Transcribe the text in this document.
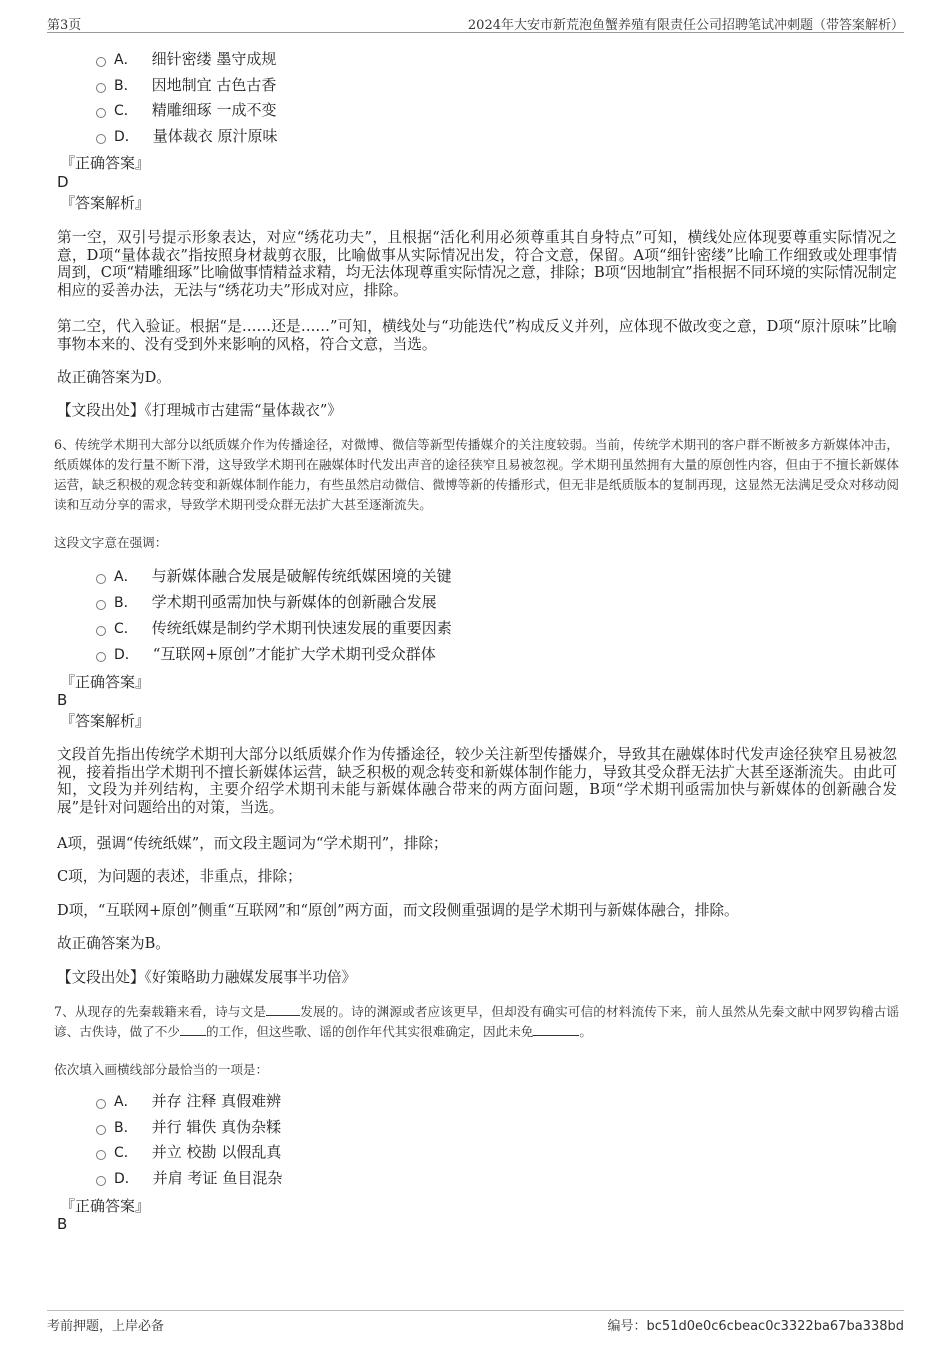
第3页	2024年大安市新荒泡鱼蟹养殖有限责任公司招聘笔试冲刺题（带答案解析）
A． 细针密缕 墨守成规
B． 因地制宜 古色古香
C． 精雕细琢 一成不变
D． 量体裁衣 原汁原味
『正确答案』
D
『答案解析』
第一空，双引号提示形象表达，对应“绣花功夫”，且根据“活化利用必须尊重其自身特点”可知，横线处应体现要尊重实际情况之意，D项“量体裁衣”指按照身材裁剪衣服，比喻做事从实际情况出发，符合文意，保留。A项“细针密缕”比喻工作细致或处理事情周到，C项“精雕细琢”比喻做事情精益求精，均无法体现尊重实际情况之意，排除；B项“因地制宜”指根据不同环境的实际情况制定相应的妥善办法，无法与“绣花功夫”形成对应，排除。
第二空，代入验证。根据“是……还是……”可知，横线处与“功能迭代”构成反义并列，应体现不做改变之意，D项“原汁原味”比喻事物本来的、没有受到外来影响的风格，符合文意，当选。
故正确答案为D。
【文段出处】《打理城市古建需“量体裁衣”》
6、传统学术期刊大部分以纸质媒介作为传播途径，对微博、微信等新型传播媒介的关注度较弱。当前，传统学术期刊的客户群不断被多方新媒体冲击，纸质媒体的发行量不断下滑，这导致学术期刊在融媒体时代发出声音的途径狭窄且易被忽视。学术期刊虽然拥有大量的原创性内容，但由于不擅长新媒体运营，缺乏积极的观念转变和新媒体制作能力，有些虽然启动微信、微博等新的传播形式，但无非是纸质版本的复制再现，这显然无法满足受众对移动阅读和互动分享的需求，导致学术期刊受众群无法扩大甚至逐渐流失。
这段文字意在强调：
A． 与新媒体融合发展是破解传统纸媒困境的关键
B． 学术期刊亟需加快与新媒体的创新融合发展
C． 传统纸媒是制约学术期刊快速发展的重要因素
D． “互联网+原创”才能扩大学术期刊受众群体
『正确答案』
B
『答案解析』
文段首先指出传统学术期刊大部分以纸质媒介作为传播途径，较少关注新型传播媒介，导致其在融媒体时代发声途径狭窄且易被忽视，接着指出学术期刊不擅长新媒体运营，缺乏积极的观念转变和新媒体制作能力，导致其受众群无法扩大甚至逐渐流失。由此可知，文段为并列结构，主要介绍学术期刊未能与新媒体融合带来的两方面问题，B项“学术期刊亟需加快与新媒体的创新融合发展”是针对问题给出的对策，当选。
A项，强调“传统纸媒”，而文段主题词为“学术期刊”，排除；
C项，为问题的表述，非重点，排除；
D项，“互联网+原创”侧重“互联网”和“原创”两方面，而文段侧重强调的是学术期刊与新媒体融合，排除。
故正确答案为B。
【文段出处】《好策略助力融媒发展事半功倍》
7、从现存的先秦载籍来看，诗与文是	发展的。诗的渊源或者应该更早，但却没有确实可信的材料流传下来，前人虽然从先秦文献中网罗钩稽古谣谚、古佚诗，做了不少 的工作，但这些歌、谣的创作年代其实很难确定，因此未免	。
依次填入画横线部分最恰当的一项是：
A． 并存 注释 真假难辨
B． 并行 辑佚 真伪杂糅
C． 并立 校勘 以假乱真
D． 并肩 考证 鱼目混杂
『正确答案』
B
考前押题，上岸必备	编号：bc51d0e0c6cbeac0c3322ba67ba338bd
